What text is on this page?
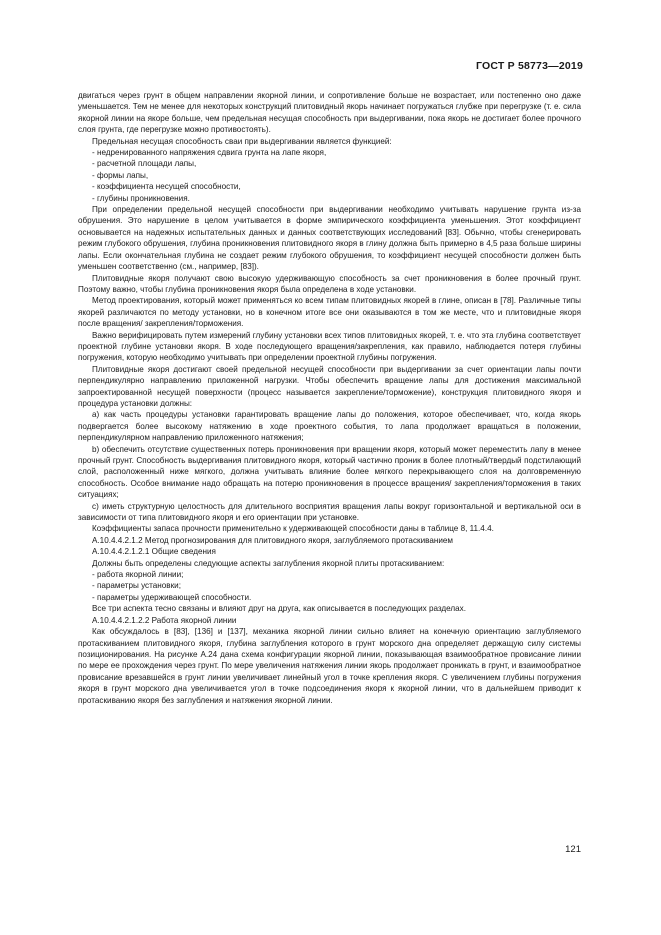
ГОСТ Р 58773—2019

двигаться через грунт в общем направлении якорной линии, и сопротивление больше не возрастает, или постепенно оно даже уменьшается. Тем не менее для некоторых конструкций плитовидный якорь начинает погружаться глубже при перегрузке (т. е. сила якорной линии на якоре больше, чем предельная несущая способность при выдергивании, пока якорь не достигает более прочного слоя грунта, где перегрузке можно противостоять).

Предельная несущая способность сваи при выдергивании является функцией:

- недренированного напряжения сдвига грунта на лапе якоря,

- расчетной площади лапы,

- формы лапы,

- коэффициента несущей способности,

- глубины проникновения.

При определении предельной несущей способности при выдергивании необходимо учитывать нарушение грунта из-за обрушения. Это нарушение в целом учитывается в форме эмпирического коэффициента уменьшения. Этот коэффициент основывается на надежных испытательных данных и данных соответствующих исследований [83]. Обычно, чтобы сгенерировать режим глубокого обрушения, глубина проникновения плитовидного якоря в глину должна быть примерно в 4,5 раза больше ширины лапы. Если окончательная глубина не создает режим глубокого обрушения, то коэффициент несущей способности должен быть уменьшен соответственно (см., например, [83]).

Плитовидные якоря получают свою высокую удерживающую способность за счет проникновения в более прочный грунт. Поэтому важно, чтобы глубина проникновения якоря была определена в ходе установки.

Метод проектирования, который может применяться ко всем типам плитовидных якорей в глине, описан в [78]. Различные типы якорей различаются по методу установки, но в конечном итоге все они оказываются в том же месте, что и плитовидные якоря после вращения/ закрепления/торможения.

Важно верифицировать путем измерений глубину установки всех типов плитовидных якорей, т. е. что эта глубина соответствует проектной глубине установки якоря. В ходе последующего вращения/закрепления, как правило, наблюдается потеря глубины погружения, которую необходимо учитывать при определении проектной глубины погружения.

Плитовидные якоря достигают своей предельной несущей способности при выдергивании за счет ориентации лапы почти перпендикулярно направлению приложенной нагрузки. Чтобы обеспечить вращение лапы для достижения максимальной запроектированной несущей поверхности (процесс называется закрепление/торможение), конструкция плитовидного якоря и процедура установки должны:

a) как часть процедуры установки гарантировать вращение лапы до положения, которое обеспечивает, что, когда якорь подвергается более высокому натяжению в ходе проектного события, то лапа продолжает вращаться в положении, перпендикулярном направлению приложенного натяжения;

b) обеспечить отсутствие существенных потерь проникновения при вращении якоря, который может переместить лапу в менее прочный грунт. Способность выдергивания плитовидного якоря, который частично проник в более плотный/твердый подстилающий слой, расположенный ниже мягкого, должна учитывать влияние более мягкого перекрывающего слоя на долговременную способность. Особое внимание надо обращать на потерю проникновения в процессе вращения/ закрепления/торможения в таких ситуациях;

c) иметь структурную целостность для длительного восприятия вращения лапы вокруг горизонтальной и вертикальной оси в зависимости от типа плитовидного якоря и его ориентации при установке.

Коэффициенты запаса прочности применительно к удерживающей способности даны в таблице 8, 11.4.4.

A.10.4.4.2.1.2 Метод прогнозирования для плитовидного якоря, заглубляемого протаскиванием

A.10.4.4.2.1.2.1 Общие сведения

Должны быть определены следующие аспекты заглубления якорной плиты протаскиванием:

- работа якорной линии;

- параметры установки;

- параметры удерживающей способности.

Все три аспекта тесно связаны и влияют друг на друга, как описывается в последующих разделах.

A.10.4.4.2.1.2.2 Работа якорной линии

Как обсуждалось в [83], [136] и [137], механика якорной линии сильно влияет на конечную ориентацию заглубляемого протаскиванием плитовидного якоря, глубина заглубления которого в грунт морского дна определяет держащую силу системы позиционирования. На рисунке А.24 дана схема конфигурации якорной линии, показывающая взаимообратное провисание линии по мере ее прохождения через грунт. По мере увеличения натяжения линии якорь продолжает проникать в грунт, и взаимообратное провисание врезавшейся в грунт линии увеличивает линейный угол в точке крепления якоря. С увеличением глубины погружения якоря в грунт морского дна увеличивается угол в точке подсоединения якоря к якорной линии, что в дальнейшем приводит к протаскиванию якоря без заглубления и натяжения якорной линии.

121
